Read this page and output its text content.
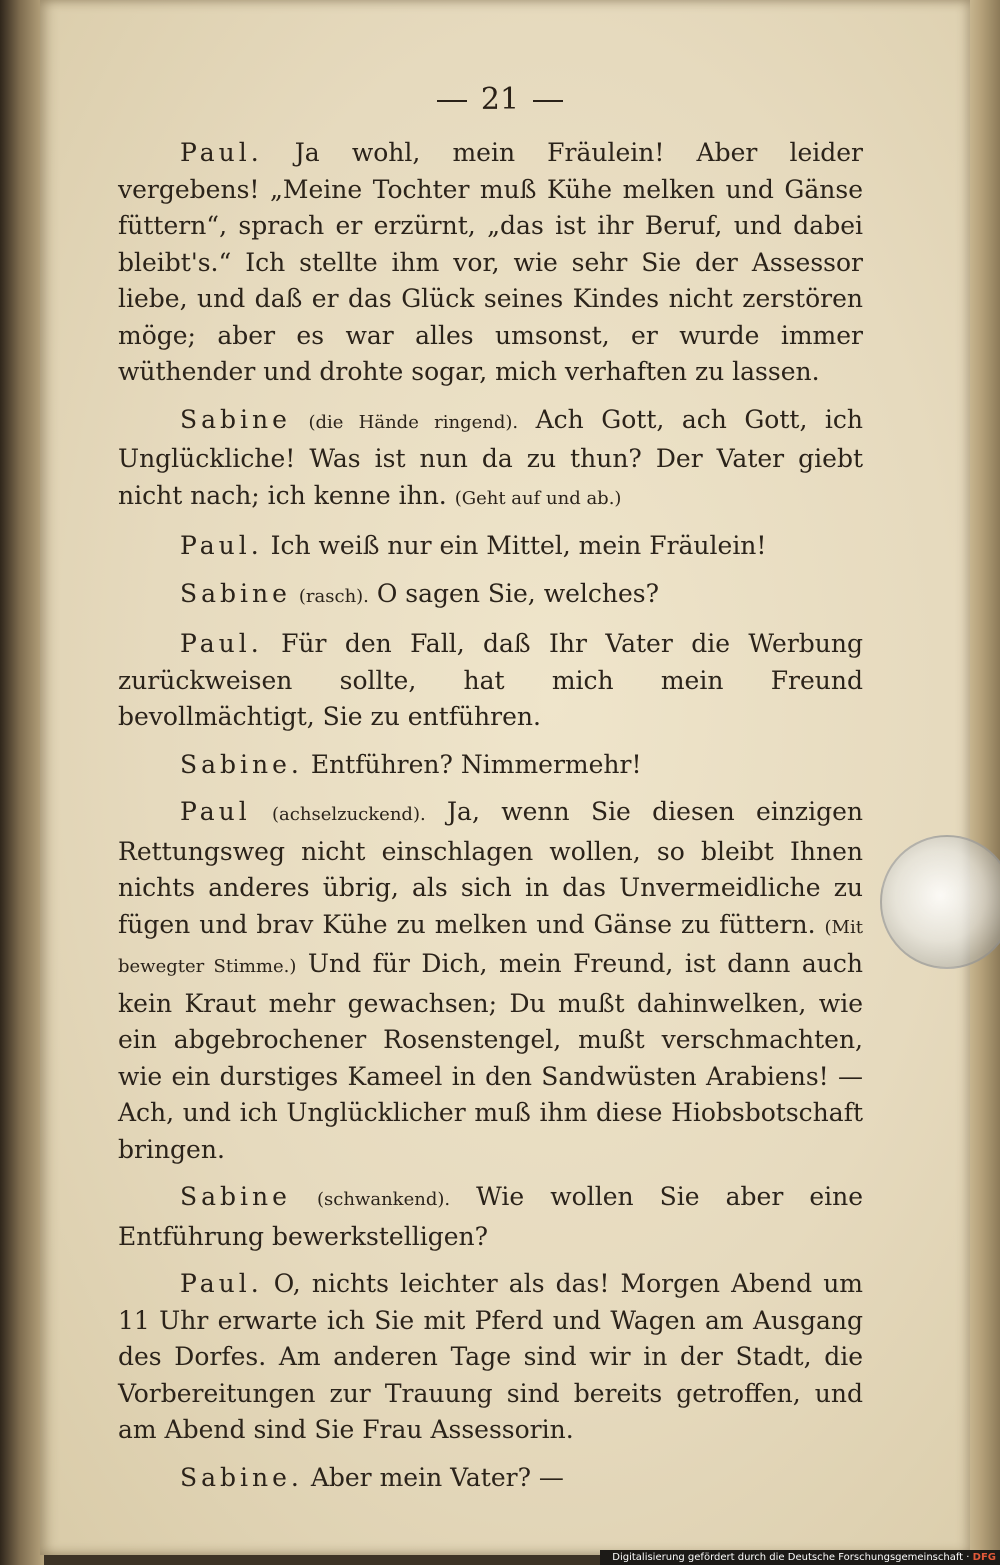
21

Paul. Ja wohl, mein Fräulein! Aber leider vergebens! „Meine Tochter muß Kühe melken und Gänse füttern“, sprach er erzürnt, „das ist ihr Beruf, und dabei bleibt's.“ Ich stellte ihm vor, wie sehr Sie der Assessor liebe, und daß er das Glück seines Kindes nicht zerstören möge; aber es war alles umsonst, er wurde immer wüthender und drohte sogar, mich verhaften zu lassen.

Sabine (die Hände ringend). Ach Gott, ach Gott, ich Unglückliche! Was ist nun da zu thun? Der Vater giebt nicht nach; ich kenne ihn. (Geht auf und ab.)

Paul. Ich weiß nur ein Mittel, mein Fräulein!

Sabine (rasch). O sagen Sie, welches?

Paul. Für den Fall, daß Ihr Vater die Werbung zurückweisen sollte, hat mich mein Freund bevollmächtigt, Sie zu entführen.

Sabine. Entführen? Nimmermehr!

Paul (achselzuckend). Ja, wenn Sie diesen einzigen Rettungsweg nicht einschlagen wollen, so bleibt Ihnen nichts anderes übrig, als sich in das Unvermeidliche zu fügen und brav Kühe zu melken und Gänse zu füttern. (Mit bewegter Stimme.) Und für Dich, mein Freund, ist dann auch kein Kraut mehr gewachsen; Du mußt dahinwelken, wie ein abgebrochener Rosenstengel, mußt verschmachten, wie ein durstiges Kameel in den Sandwüsten Arabiens! — Ach, und ich Unglücklicher muß ihm diese Hiobsbotschaft bringen.

Sabine (schwankend). Wie wollen Sie aber eine Entführung bewerkstelligen?

Paul. O, nichts leichter als das! Morgen Abend um 11 Uhr erwarte ich Sie mit Pferd und Wagen am Ausgang des Dorfes. Am anderen Tage sind wir in der Stadt, die Vorbereitungen zur Trauung sind bereits getroffen, und am Abend sind Sie Frau Assessorin.

Sabine. Aber mein Vater? —

Digitalisierung gefördert durch die Deutsche Forschungsgemeinschaft · DFG
